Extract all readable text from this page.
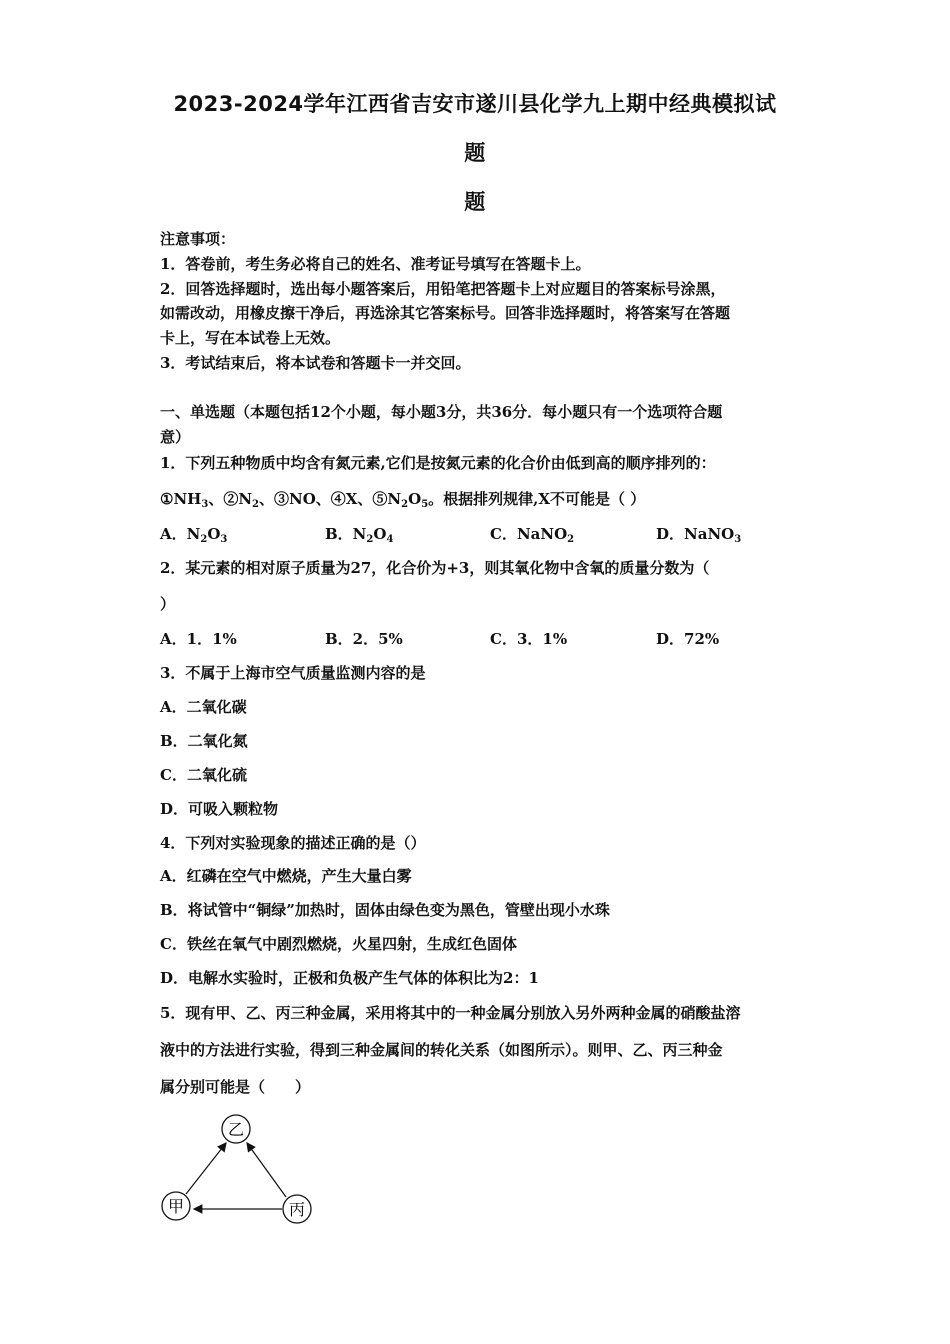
2023-2024学年江西省吉安市遂川县化学九上期中经典模拟试
题
题
注意事项：
1．答卷前，考生务必将自己的姓名、准考证号填写在答题卡上。
2．回答选择题时，选出每小题答案后，用铅笔把答题卡上对应题目的答案标号涂黑，
如需改动，用橡皮擦干净后，再选涂其它答案标号。回答非选择题时，将答案写在答题
卡上，写在本试卷上无效。
3．考试结束后，将本试卷和答题卡一并交回。
一、单选题（本题包括12个小题，每小题3分，共36分．每小题只有一个选项符合题
意）
1．下列五种物质中均含有氮元素,它们是按氮元素的化合价由低到高的顺序排列的：
$①NH_3$、$②N_2$、③NO、④X、$⑤N_2O_5$。根据排列规律,X不可能是（ ）
A．$N_2O_3$	B．$N_2O_4$	C．NaNO$_2$	D．NaNO$_3$
2．某元素的相对原子质量为27，化合价为+3，则其氧化物中含氧的质量分数为（
）
A．1．1%	B．2．5%	C．3．1%	D．72%
3．不属于上海市空气质量监测内容的是
A．二氧化碳
B．二氧化氮
C．二氧化硫
D．可吸入颗粒物
4．下列对实验现象的描述正确的是（）
A．红磷在空气中燃烧，产生大量白雾
B．将试管中“铜绿”加热时，固体由绿色变为黑色，管壁出现小水珠
C．铁丝在氧气中剧烈燃烧，火星四射，生成红色固体
D．电解水实验时，正极和负极产生气体的体积比为2：1
5．现有甲、乙、丙三种金属，采用将其中的一种金属分别放入另外两种金属的硝酸盐溶
液中的方法进行实验，得到三种金属间的转化关系（如图所示）。则甲、乙、丙三种金
属分别可能是（　　）
乙
甲	丙
